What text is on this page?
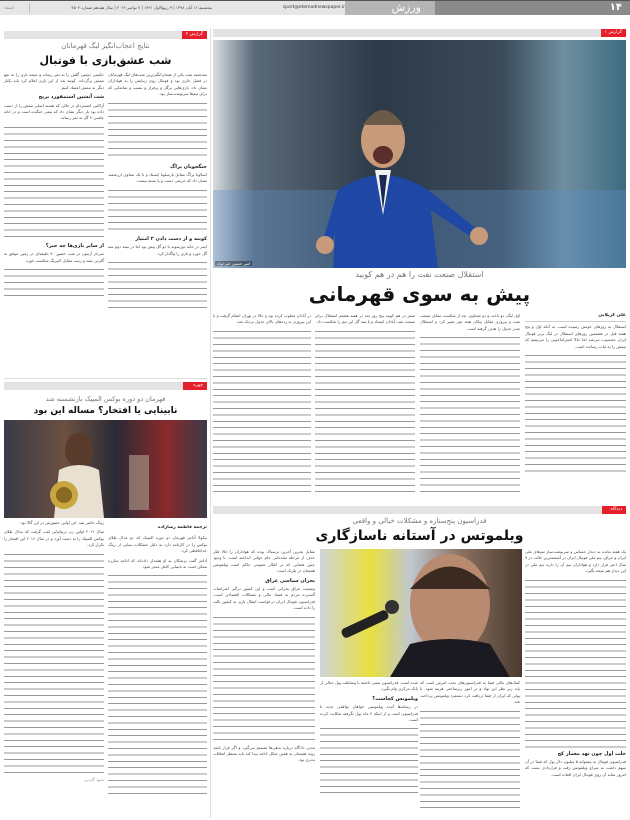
۱۴
ورزش
sport@etemadnewspaper.ir
پنجشنبه ۱۶ آبان ۱۳۹۸ | ۹ ربیع‌الاول ۱۴۴۱ | ۷ نوامبر ۲۰۱۹ | سال هفدهم شماره ۴۵۰۴
اعتماد
گزارش ۱
امیر حسین خیرخواه
استقلال صنعت نفت را هم در هم کوبید
پیش به سوی قهرمانی
علی کربلایی

استقلال به روزهای خوبش رسیده است. نه آنکه اول و پنج هفته قبل در هشتمین روزهای استقلال در لیگ برتر فوتبال ایران محسوب می‌شد اما حالا استراماچونی را می‌بینیم که تیمش را به ثبات رسانده است.

اول لیگ، دو باخت و دو مساوی، بعد از شکست مقابل صنعت نفت و پیروزی مقابل پیکان همه چیز تغییر کرد و استقلال صدر جدول را هدف گرفته است.

صفر در هم کوبید پنج روز بعد در هفته هشتم استقلال برابر صنعت نفت آبادان ایستاد و با سه گل این تیم را شکست داد.

در آبادان مغلوب کرده بود و حالا در تهران انتقام گرفت و با این پیروزی به رده‌های بالای جدول نزدیک شد.

گزارش ۲
نتایج اعجاب‌انگیز لیگ قهرمانان
شب عشق‌بازی با فوتبال

سه‌شنبه شب یکی از هیجان‌انگیزترین شب‌های لیگ قهرمانان در فصل جاری بود و فوتبال روی زیبایش را به هواداران نشان داد. بازی‌هایی پرگل و پرفراز و نشیب و تماشایی که برای تیم‌ها سرنوشت‌ساز بود.

جنگجویان پراگ

اسلاویا پراگ مقابل بارسلونا ایستاد و با یک تساوی ارزشمند نشان داد که حریفی دست و پا بسته نیست.

کونته و از دست دادن ۳ امتیاز

اینتر در خانه دورتموند با دو گل پیش بود اما در نیمه دوم سه گل خورد و بازی را واگذار کرد.

حکیمی دومین گلش را به ثمر رساند و نتیجه بازی را به نفع تیمش برگرداند. کونته بعد از این بازی اعلام کرد باید یکبار دیگر به تیمش اعتماد کنیم.

شب آتشین استمفورد بریج

آژاکس امستردام در حالی که هسته اصلی تیمش را از دست داده بود بار دیگر نشان داد که تیمی جنگنده است و در خانه چلسی ۴ گل به ثمر رساند.

از سایر بازی‌ها چه خبر؟

سردار آزمون در شب حضور ۹۰ دقیقه‌ای در زمین موفق به گلزنی نشد و زنیت مقابل لایپزیگ شکست خورد.

چهره
قهرمان دو دوره بوکس المپیک بازنشسته شد
نابینایی یا افتخار؟ مساله این بود

رینگ حاضر شد. این اولین حضورش در این گالا بود.

سال ۲۰۱۲ اولین زن بریتانیایی لقب گرفت که مدال طلای بوکس المپیک را به دست آورد و در سال ۲۰۱۶ این افتخار را تکرار کرد.

منبع: گاردین
ترجمه فاطمه رضازاده

نیکولا آدامز قهرمان دو دوره المپیک که دو مدال طلای بوکس را در کارنامه دارد به دلیل مشکلات بینایی از رینگ خداحافظی کرد.

آدامز گفت پزشکان به او هشدار داده‌اند که ادامه مبارزه ممکن است به نابینایی کامل منجر شود.

دیدگاه
فدراسیون پنج‌ستاره و مشکلات خیالی و واقعی
ویلموتس در آستانه ناسازگاری

یک هفته مانده به دیدار حساس و سرنوشت‌ساز تیم‌های ملی ایران و عراق، تیم ملی فوتبال ایران در آشفته‌ترین حالت در ۹ سال اخیر قرار دارد و هواداران بیم آن را دارند تیم ملی در این دیدار هم نتیجه نگیرد.

خلت اول چون نهد معمار کج

فدراسیون فوتبال به پشتوانه ۵ میلیون دلار پول که فیفا در آن سهم داشت به سراغ ویلموتس رفت و قراردادی بست که امروز سایه آن روی فوتبال ایران افتاده است.

کمک‌های مالی فیفا به فدراسیون‌های تحت امرش است که باید زیر نظر این نهاد و در امور زیرساختی هزینه شود. با پولی که ایران از فیفا دریافت کرد دستمزد ویلموتس پرداخت شد.

شده است. فدراسیون سعی داشته با وساطت پول خیالی از بانک مرکزی وام بگیرد.

ویلموتس کجاست؟

در رسانه‌ها آمده ویلموتس خواهان توافقی جدید با فدراسیون است و از اینکه ۴ ماه پول نگرفته شکایت کرده است.

مقابل بحرین آخرین ترسناک بوده که هواداران را حالا فکر حذف از مرحله مقدماتی جام جهانی انداخته است. با وجود چنین فضایی که بر افکار عمومی حاکم است ویلموتس همچنان در بلژیک است.

بحران سیاسی عراق

وضعیت عراق بحرانی است و این کشور درگیر اعتراضات گسترده مردم به فساد مالی و مشکلات اقتصادی است. فدراسیون فوتبال ایران درخواست انتقال بازی به کشور ثالث را داده است.

مدتی دادگاه درباره بدهی‌ها تصمیم می‌گیرد و اگر قرار باشد روند همچنان به همین شکل ادامه پیدا کند باید منتظر اتفاقات بدتری بود.
